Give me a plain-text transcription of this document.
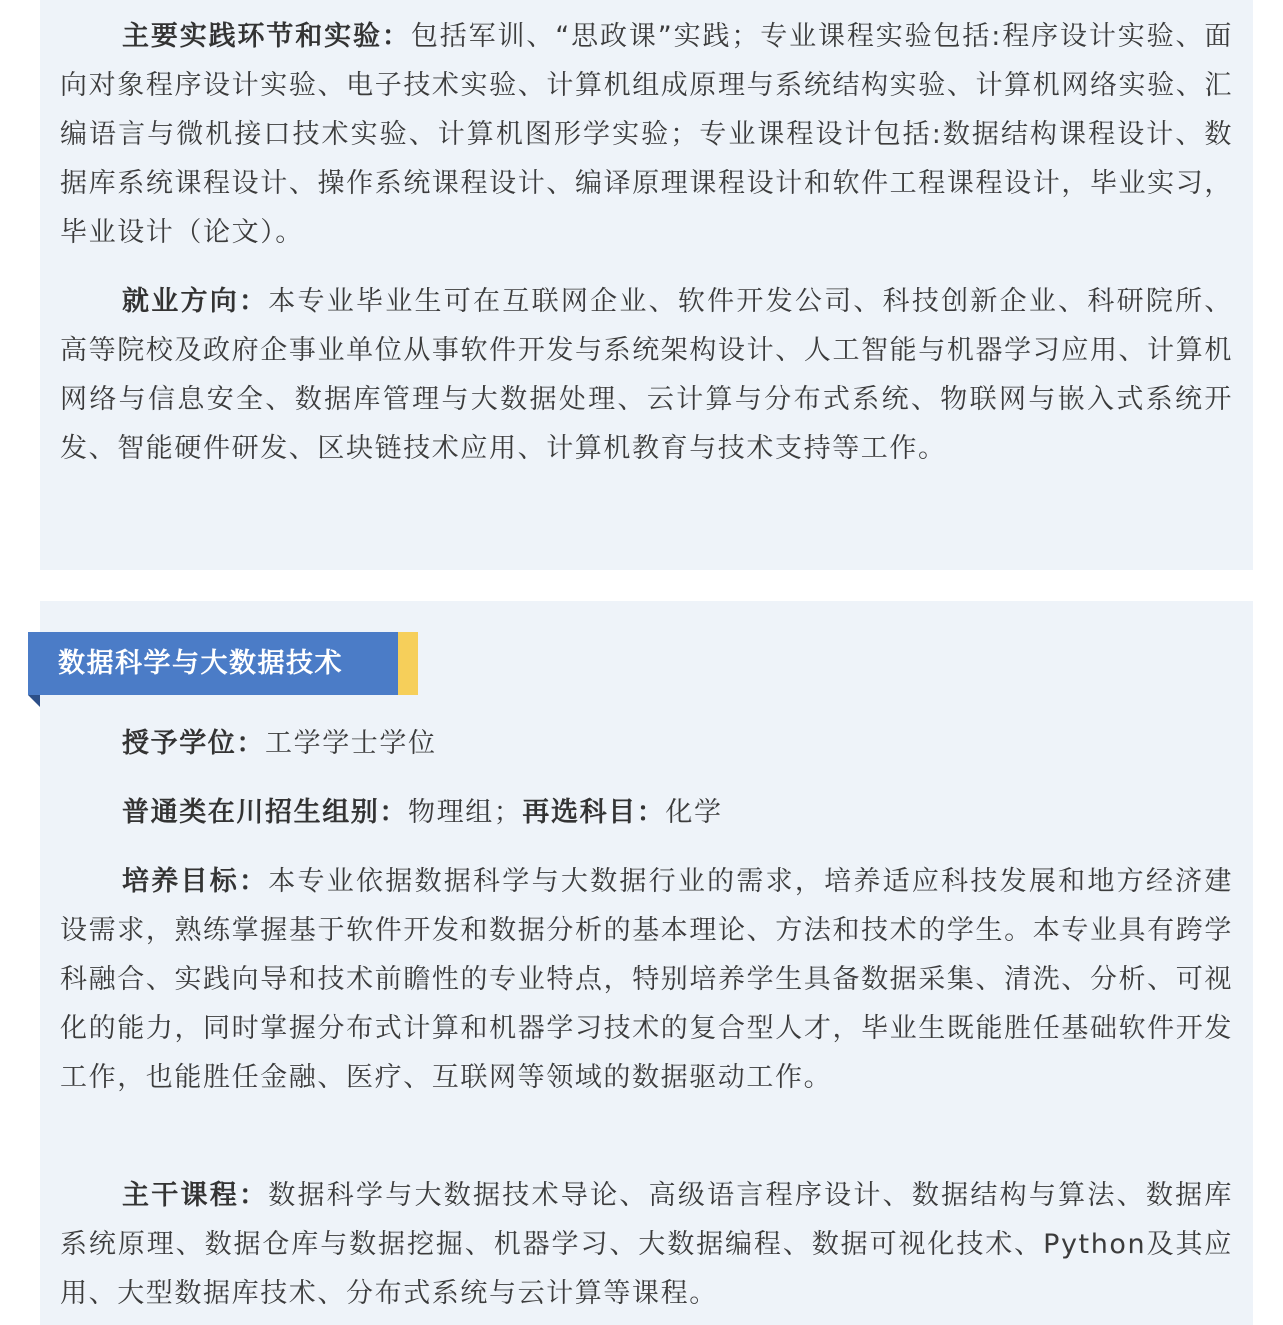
主要实践环节和实验：包括军训、“思政课”实践；专业课程实验包括:程序设计实验、面向对象程序设计实验、电子技术实验、计算机组成原理与系统结构实验、计算机网络实验、汇编语言与微机接口技术实验、计算机图形学实验；专业课程设计包括:数据结构课程设计、数据库系统课程设计、操作系统课程设计、编译原理课程设计和软件工程课程设计，毕业实习，毕业设计（论文）。

就业方向：本专业毕业生可在互联网企业、软件开发公司、科技创新企业、科研院所、高等院校及政府企事业单位从事软件开发与系统架构设计、人工智能与机器学习应用、计算机网络与信息安全、数据库管理与大数据处理、云计算与分布式系统、物联网与嵌入式系统开发、智能硬件研发、区块链技术应用、计算机教育与技术支持等工作。

授予学位：工学学士学位

普通类在川招生组别：物理组；再选科目：化学

培养目标：本专业依据数据科学与大数据行业的需求，培养适应科技发展和地方经济建设需求，熟练掌握基于软件开发和数据分析的基本理论、方法和技术的学生。本专业具有跨学科融合、实践向导和技术前瞻性的专业特点，特别培养学生具备数据采集、清洗、分析、可视化的能力，同时掌握分布式计算和机器学习技术的复合型人才，毕业生既能胜任基础软件开发工作，也能胜任金融、医疗、互联网等领域的数据驱动工作。

主干课程：数据科学与大数据技术导论、高级语言程序设计、数据结构与算法、数据库系统原理、数据仓库与数据挖掘、机器学习、大数据编程、数据可视化技术、Python及其应用、大型数据库技术、分布式系统与云计算等课程。

数据科学与大数据技术
